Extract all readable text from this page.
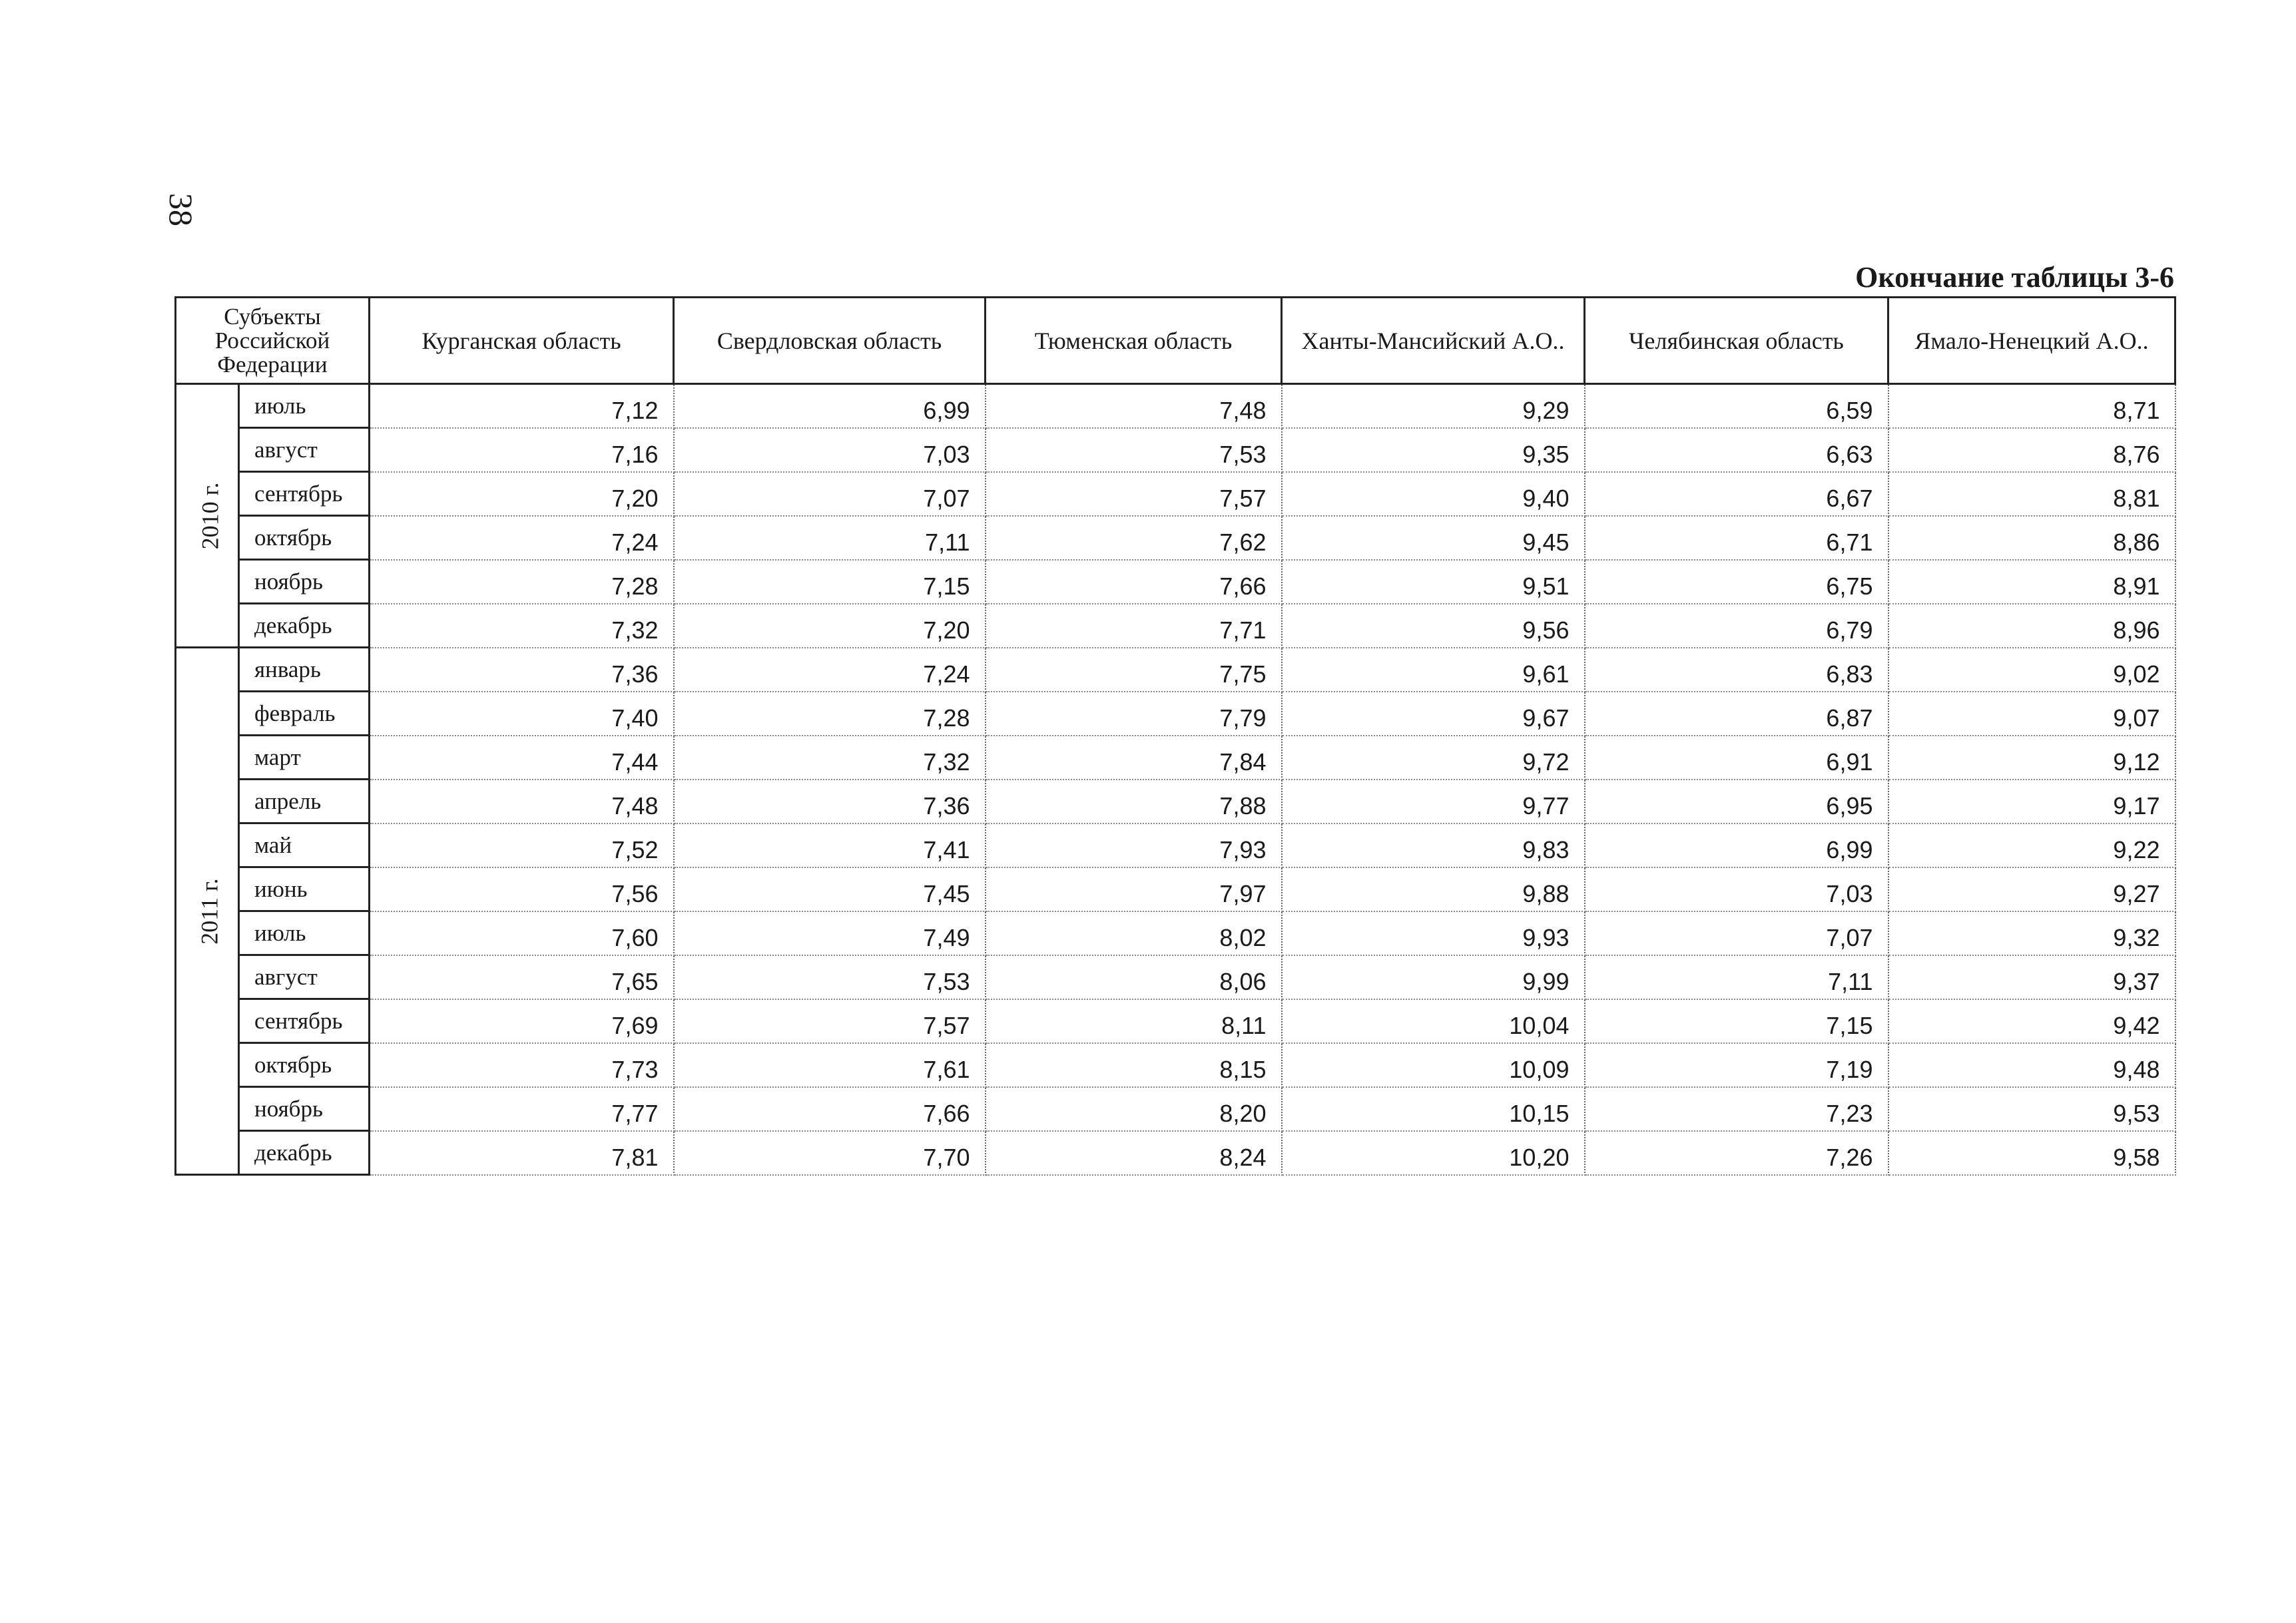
38
Окончание таблицы 3-6
Субъекты
Российской
Федерации		Курганская область	Свердловская область	Тюменская область	Ханты-Мансийский А.О..	Челябинская область	Ямало-Ненецкий А.О..
2010 г.	июль	7,12	6,99	7,48	9,29	6,59	8,71
	август	7,16	7,03	7,53	9,35	6,63	8,76
	сентябрь	7,20	7,07	7,57	9,40	6,67	8,81
	октябрь	7,24	7,11	7,62	9,45	6,71	8,86
	ноябрь	7,28	7,15	7,66	9,51	6,75	8,91
	декабрь	7,32	7,20	7,71	9,56	6,79	8,96
2011 г.	январь	7,36	7,24	7,75	9,61	6,83	9,02
	февраль	7,40	7,28	7,79	9,67	6,87	9,07
	март	7,44	7,32	7,84	9,72	6,91	9,12
	апрель	7,48	7,36	7,88	9,77	6,95	9,17
	май	7,52	7,41	7,93	9,83	6,99	9,22
	июнь	7,56	7,45	7,97	9,88	7,03	9,27
	июль	7,60	7,49	8,02	9,93	7,07	9,32
	август	7,65	7,53	8,06	9,99	7,11	9,37
	сентябрь	7,69	7,57	8,11	10,04	7,15	9,42
	октябрь	7,73	7,61	8,15	10,09	7,19	9,48
	ноябрь	7,77	7,66	8,20	10,15	7,23	9,53
	декабрь	7,81	7,70	8,24	10,20	7,26	9,58
